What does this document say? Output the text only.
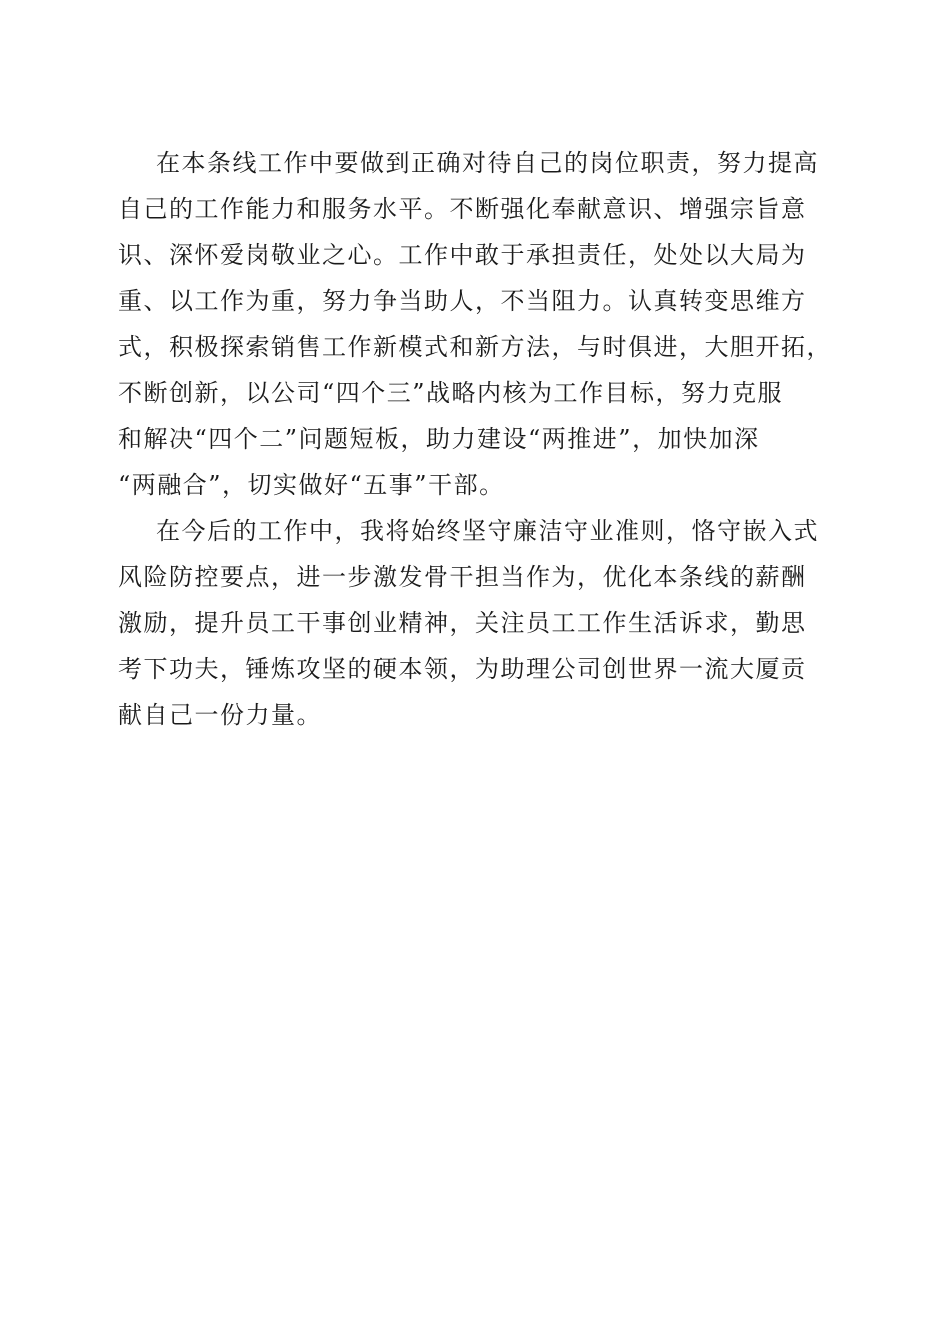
在本条线工作中要做到正确对待自己的岗位职责，努力提高
自己的工作能力和服务水平。不断强化奉献意识、增强宗旨意
识、深怀爱岗敬业之心。工作中敢于承担责任，处处以大局为
重、以工作为重，努力争当助人，不当阻力。认真转变思维方
式，积极探索销售工作新模式和新方法，与时俱进，大胆开拓，
不断创新，以公司“四个三”战略内核为工作目标，努力克服
和解决“四个二”问题短板，助力建设“两推进”，加快加深
“两融合”，切实做好“五事”干部。
在今后的工作中，我将始终坚守廉洁守业准则，恪守嵌入式
风险防控要点，进一步激发骨干担当作为，优化本条线的薪酬
激励，提升员工干事创业精神，关注员工工作生活诉求，勤思
考下功夫，锤炼攻坚的硬本领，为助理公司创世界一流大厦贡
献自己一份力量。
